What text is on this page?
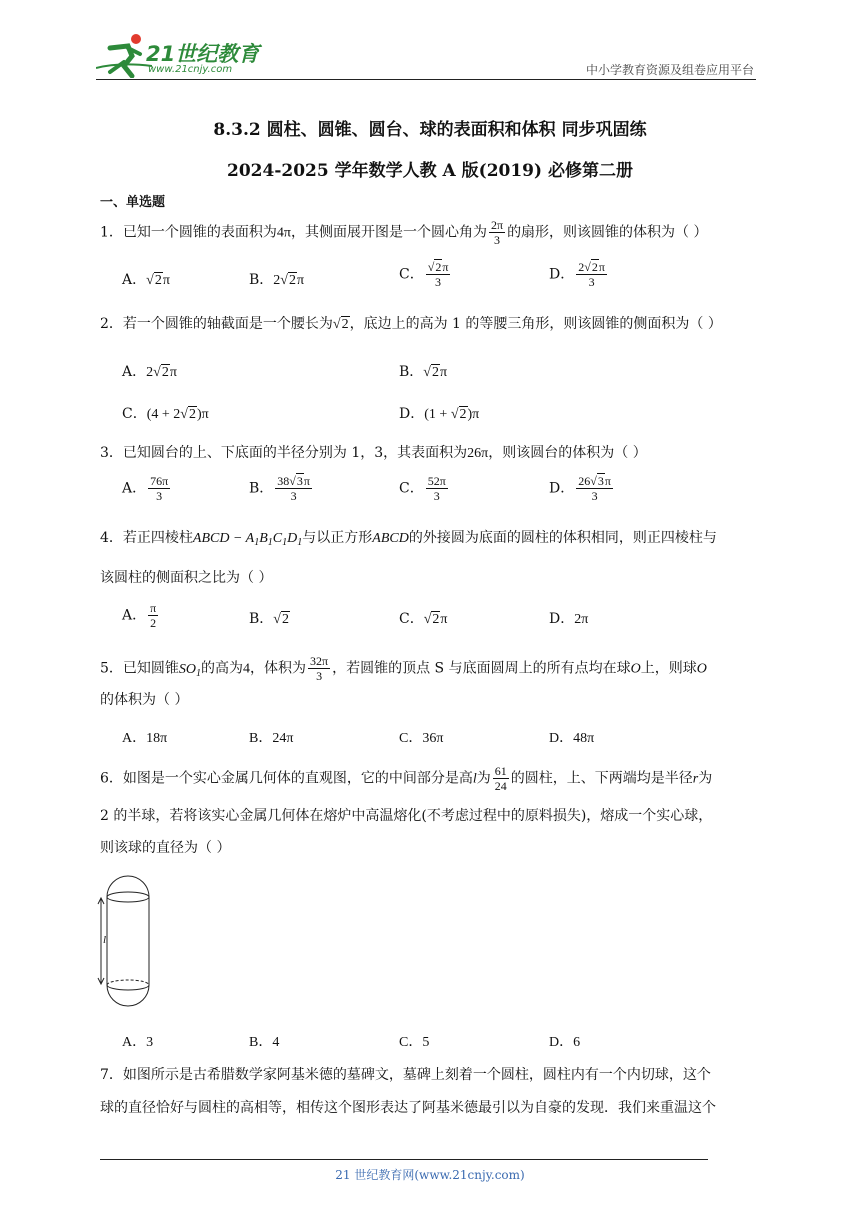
21世纪教育
www.21cnjy.com	中小学教育资源及组卷应用平台
8.3.2 圆柱、圆锥、圆台、球的表面积和体积 同步巩固练
2024-2025 学年数学人教 A 版(2019) 必修第二册
一、单选题
1．已知一个圆锥的表面积为4π，其侧面展开图是一个圆心角为 $\frac{2\pi}{3}$ 的扇形，则该圆锥的体积为（ ）
A．√2π	B．2√2π	C． $\frac{√2\pi}{3}$	D． $\frac{2√2\pi}{3}$
2．若一个圆锥的轴截面是一个腰长为√2，底边上的高为 1 的等腰三角形，则该圆锥的侧面积为（ ）
A．2√2π	B．√2π
C．(4 + 2√2)π	D．(1 + √2)π
3．已知圆台的上、下底面的半径分别为 1，3，其表面积为26π，则该圆台的体积为（ ）
A． $\frac{76\pi}{3}$	B． $\frac{38√3\pi}{3}$	C． $\frac{52\pi}{3}$	D． $\frac{26√3\pi}{3}$
4．若正四棱柱ABCD − $A_1B_1C_1D_1$与以正方形ABCD的外接圆为底面的圆柱的体积相同，则正四棱柱与
该圆柱的侧面积之比为（ ）
A． $\frac{\pi}{2}$	B．√2	C．√2π	D．2π
5．已知圆锥$SO_1$的高为4，体积为 $\frac{32\pi}{3}$ ，若圆锥的顶点 S 与底面圆周上的所有点均在球O上，则球O
的体积为（ ）
A．18π	B．24π	C．36π	D．48π
6．如图是一个实心金属几何体的直观图，它的中间部分是高l为 $\frac{61}{24}$ 的圆柱，上、下两端均是半径r为
2 的半球，若将该实心金属几何体在熔炉中高温熔化(不考虑过程中的原料损失)，熔成一个实心球，
则该球的直径为（ ）
l
A．3	B．4	C．5	D．6
7．如图所示是古希腊数学家阿基米德的墓碑文，墓碑上刻着一个圆柱，圆柱内有一个内切球，这个
球的直径恰好与圆柱的高相等，相传这个图形表达了阿基米德最引以为自豪的发现．我们来重温这个
21 世纪教育网(www.21cnjy.com)
